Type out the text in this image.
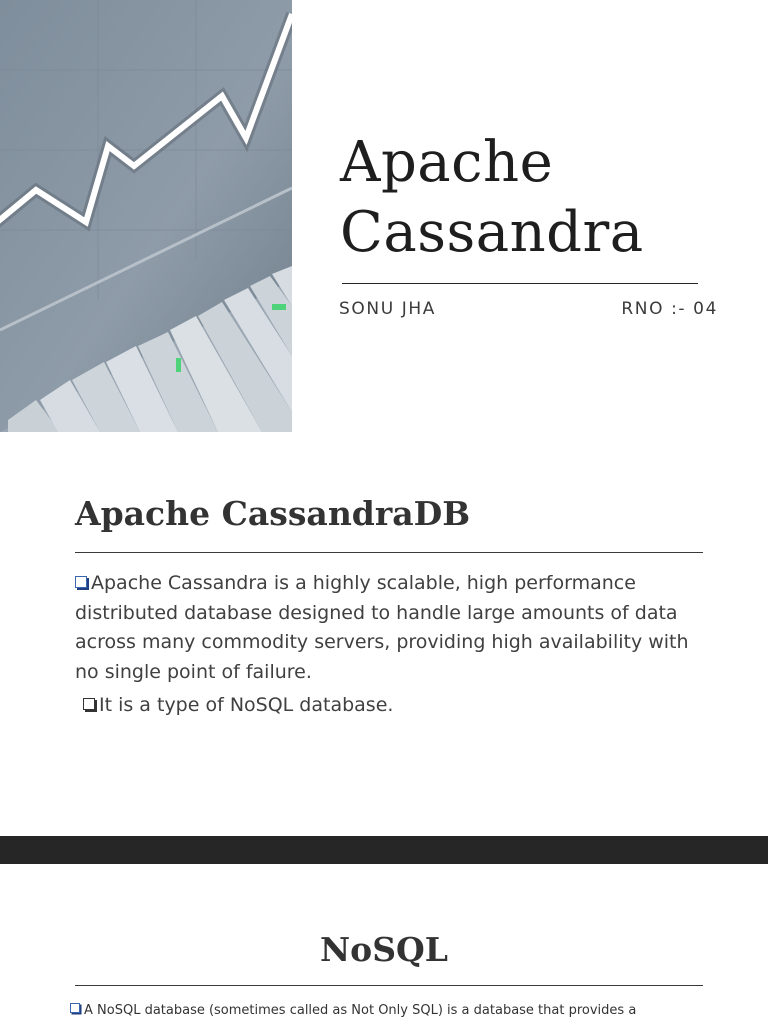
Apache
Cassandra
SONU JHA	RNO :- 04
Apache CassandraDB

Apache Cassandra is a highly scalable, high performance distributed database designed to handle large amounts of data across many commodity servers, providing high availability with no single point of failure.

It is a type of NoSQL database.
NoSQL

A NoSQL database (sometimes called as Not Only SQL) is a database that provides a
